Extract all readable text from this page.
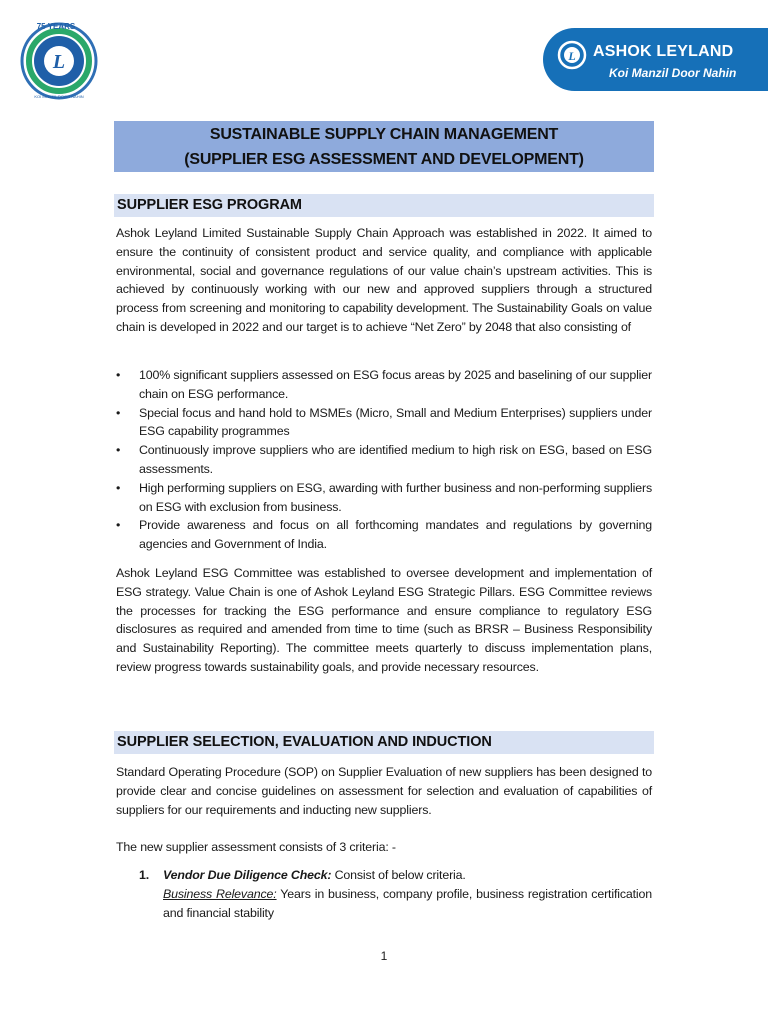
L
75 YEARS
KOI MANZIL DOOR NAHIN
L ASHOK LEYLAND
Koi Manzil Door Nahin
SUSTAINABLE SUPPLY CHAIN MANAGEMENT
(SUPPLIER ESG ASSESSMENT AND DEVELOPMENT)
SUPPLIER ESG PROGRAM

Ashok Leyland Limited Sustainable Supply Chain Approach was established in 2022. It aimed to ensure the continuity of consistent product and service quality, and compliance with applicable environmental, social and governance regulations of our value chain’s upstream activities. This is achieved by continuously working with our new and approved suppliers through a structured process from screening and monitoring to capability development. The Sustainability Goals on value chain is developed in 2022 and our target is to achieve “Net Zero” by 2048 that also consisting of

• 100% significant suppliers assessed on ESG focus areas by 2025 and baselining of our supplier chain on ESG performance.
• Special focus and hand hold to MSMEs (Micro, Small and Medium Enterprises) suppliers under ESG capability programmes
• Continuously improve suppliers who are identified medium to high risk on ESG, based on ESG assessments.
• High performing suppliers on ESG, awarding with further business and non-performing suppliers on ESG with exclusion from business.
• Provide awareness and focus on all forthcoming mandates and regulations by governing agencies and Government of India.

Ashok Leyland ESG Committee was established to oversee development and implementation of ESG strategy. Value Chain is one of Ashok Leyland ESG Strategic Pillars. ESG Committee reviews the processes for tracking the ESG performance and ensure compliance to regulatory ESG disclosures as required and amended from time to time (such as BRSR – Business Responsibility and Sustainability Reporting). The committee meets quarterly to discuss implementation plans, review progress towards sustainability goals, and provide necessary resources.

SUPPLIER SELECTION, EVALUATION AND INDUCTION

Standard Operating Procedure (SOP) on Supplier Evaluation of new suppliers has been designed to provide clear and concise guidelines on assessment for selection and evaluation of capabilities of suppliers for our requirements and inducting new suppliers.

The new supplier assessment consists of 3 criteria: -

1.	Vendor Due Diligence Check: Consist of below criteria.
Business Relevance: Years in business, company profile, business registration certification and financial stability
1
